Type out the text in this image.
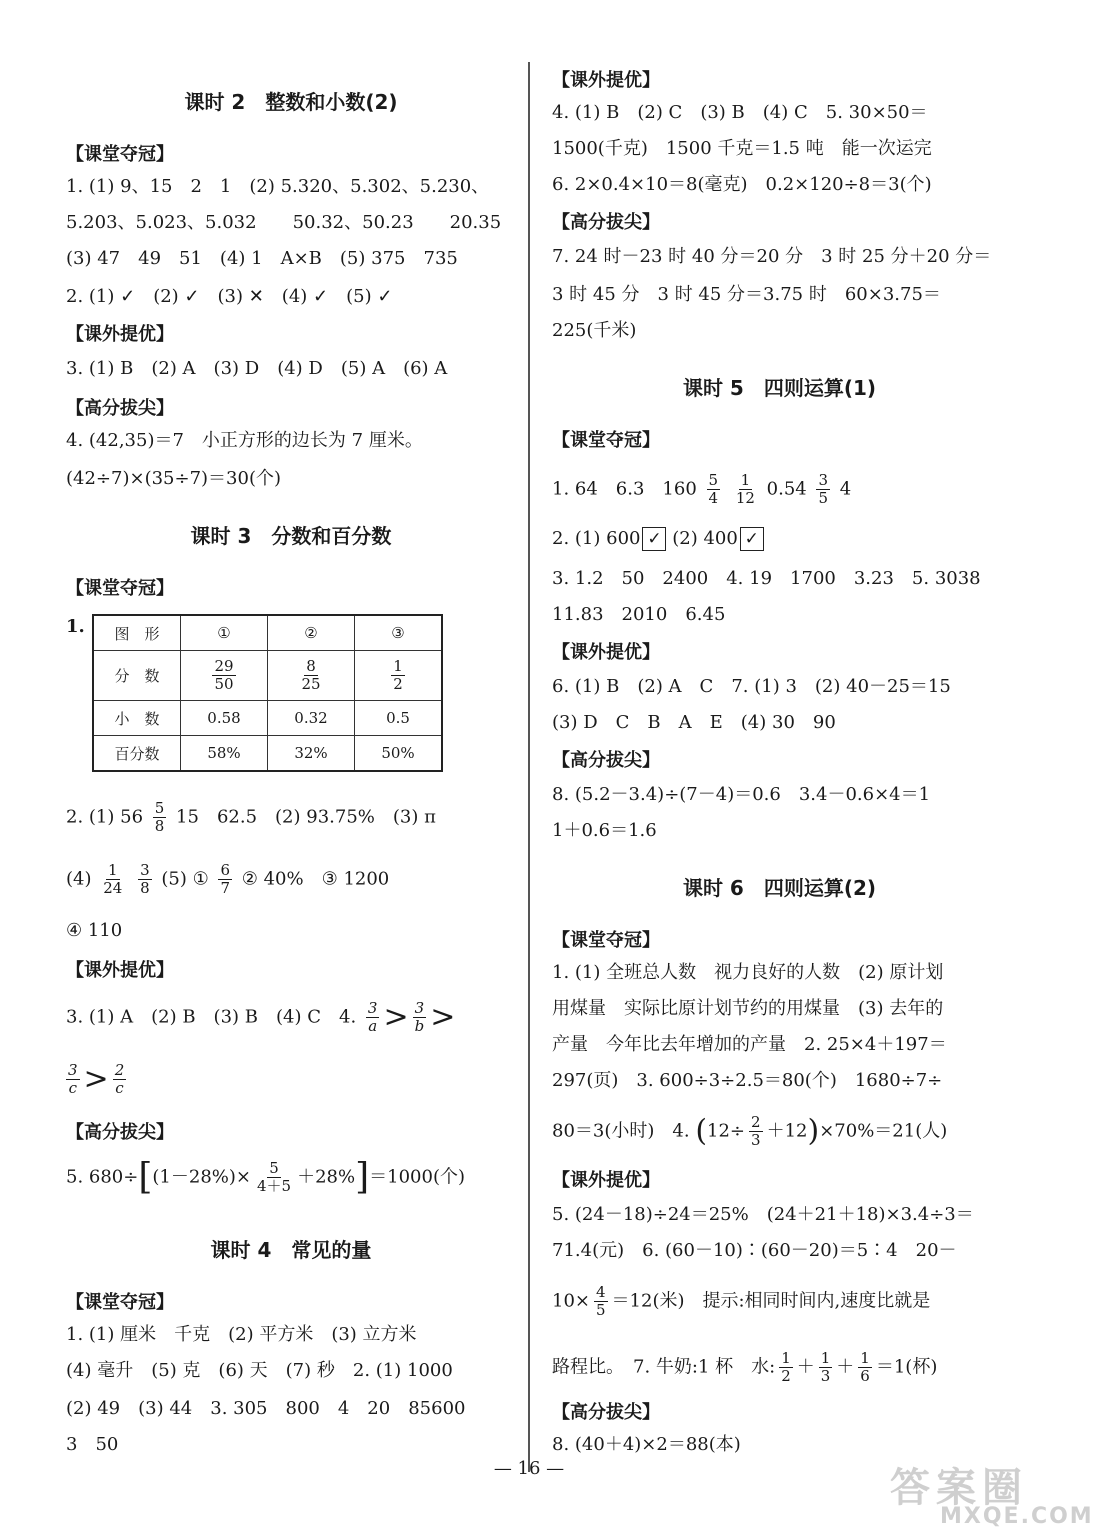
课时 2　整数和小数(2)
【课堂夺冠】
1. (1) 9、15　2　1　(2) 5.320、5.302、5.230、
5.203、5.023、5.032　　50.32、50.23　　20.35
(3) 47　49　51　(4) 1　A×B　(5) 375　735
2. (1) ✓　(2) ✓　(3) ✕　(4) ✓　(5) ✓
【课外提优】
3. (1) B　(2) A　(3) D　(4) D　(5) A　(6) A
【高分拔尖】
4. (42,35)＝7　小正方形的边长为 7 厘米。
(42÷7)×(35÷7)＝30(个)
课时 3　分数和百分数
【课堂夺冠】
1. 图　形	①	②	③
分　数	$\frac{29}{50}$	$\frac{8}{25}$	$\frac{1}{2}$

小　数	0.58	0.32	0.5
百分数	58%	32%	50%
2. (1) $56 \frac{5}{8} 15$　62.5　(2) 93.75%　(3) π
$(4) \frac{1}{24}$
$\frac{3}{8} (5)$ ① $\frac{6}{7}$ ② 40%　③ 1200
④ 110
【课外提优】
3. (1) A　(2) B　(3) B　(4) C　4. $\frac{3}{a} > \frac{3}{b}$ >
$\frac{3}{c} > \frac{2}{c}$
【高分拔尖】
5. $680\div[(1-28\%)\times \frac{5}{4+5} +28\%]=1000$(个)
课时 4　常见的量
【课堂夺冠】
1. (1) 厘米　千克　(2) 平方米　(3) 立方米
(4) 毫升　(5) 克　(6) 天　(7) 秒　2. (1) 1000
(2) 49　(3) 44　3. 305　800　4　20　85600
3　50
【课外提优】
4. (1) B　(2) C　(3) B　(4) C　5. 30×50＝
1500(千克)　1500 千克＝1.5 吨　能一次运完
6. 2×0.4×10＝8(毫克)　0.2×120÷8＝3(个)
【高分拔尖】
7. 24 时－23 时 40 分＝20 分　3 时 25 分＋20 分＝
3 时 45 分　3 时 45 分＝3.75 时　60×3.75＝
225(千米)
课时 5　四则运算(1)
【课堂夺冠】
1. 64　6.3　$160 \frac{5}{4}$
$\frac{1}{12} 0.54 \frac{3}{5} 4$
2. (1) 600 ✓ (2) 400 ✓
3. 1.2　50　2400　4. 19　1700　3.23　5. 3038
11.83　2010　6.45
【课外提优】
6. (1) B　(2) A　C　7. (1) 3　(2) 40－25＝15
(3) D　C　B　A　E　(4) 30　90
【高分拔尖】
8. (5.2－3.4)÷(7－4)＝0.6　3.4－0.6×4＝1
1＋0.6＝1.6
课时 6　四则运算(2)
【课堂夺冠】
1. (1) 全班总人数　视力良好的人数　(2) 原计划
用煤量　实际比原计划节约的用煤量　(3) 去年的
产量　今年比去年增加的产量　2. 25×4＋197＝
297(页)　3. 600÷3÷2.5＝80(个)　1680÷7÷
80＝3(小时)　4. $(12\div \frac{2}{3} +12)\times 70\%=21$(人)
【课外提优】
5. (24－18)÷24＝25%　(24＋21＋18)×3.4÷3＝
71.4(元)　6. (60－10)∶(60－20)＝5∶4　20－
$10\times \frac{4}{5} =12$(米)　提示:相同时间内,速度比就是
路程比。　7. 牛奶:1 杯　水: $\frac{1}{2} + \frac{1}{3} + \frac{1}{6} =1$(杯)
【高分拔尖】
8. (40＋4)×2＝88(本)
— 16 —	答案圈
MXQE.COM
